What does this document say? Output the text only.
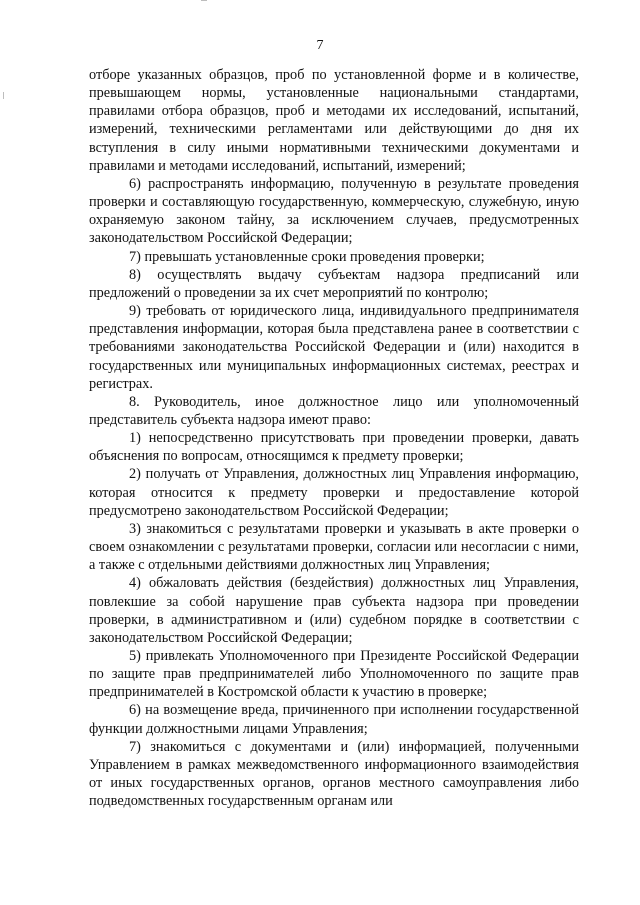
7

отборе указанных образцов, проб по установленной форме и в количестве, превышающем нормы, установленные национальными стандартами, правилами отбора образцов, проб и методами их исследований, испытаний, измерений, техническими регламентами или действующими до дня их вступления в силу иными нормативными техническими документами и правилами и методами исследований, испытаний, измерений;

6) распространять информацию, полученную в результате проведения проверки и составляющую государственную, коммерческую, служебную, иную охраняемую законом тайну, за исключением случаев, предусмотренных законодательством Российской Федерации;

7) превышать установленные сроки проведения проверки;

8) осуществлять выдачу субъектам надзора предписаний или предложений о проведении за их счет мероприятий по контролю;

9) требовать от юридического лица, индивидуального предпринимателя представления информации, которая была представлена ранее в соответствии с требованиями законодательства Российской Федерации и (или) находится в государственных или муниципальных информационных системах, реестрах и регистрах.

8. Руководитель, иное должностное лицо или уполномоченный представитель субъекта надзора имеют право:

1) непосредственно присутствовать при проведении проверки, давать объяснения по вопросам, относящимся к предмету проверки;

2) получать от Управления, должностных лиц Управления информацию, которая относится к предмету проверки и предоставление которой предусмотрено законодательством Российской Федерации;

3) знакомиться с результатами проверки и указывать в акте проверки о своем ознакомлении с результатами проверки, согласии или несогласии с ними, а также с отдельными действиями должностных лиц Управления;

4) обжаловать действия (бездействия) должностных лиц Управления, повлекшие за собой нарушение прав субъекта надзора при проведении проверки, в административном и (или) судебном порядке в соответствии с законодательством Российской Федерации;

5) привлекать Уполномоченного при Президенте Российской Федерации по защите прав предпринимателей либо Уполномоченного по защите прав предпринимателей в Костромской области к участию в проверке;

6) на возмещение вреда, причиненного при исполнении государственной функции должностными лицами Управления;

7) знакомиться с документами и (или) информацией, полученными Управлением в рамках межведомственного информационного взаимодействия от иных государственных органов, органов местного самоуправления либо подведомственных государственным органам или
